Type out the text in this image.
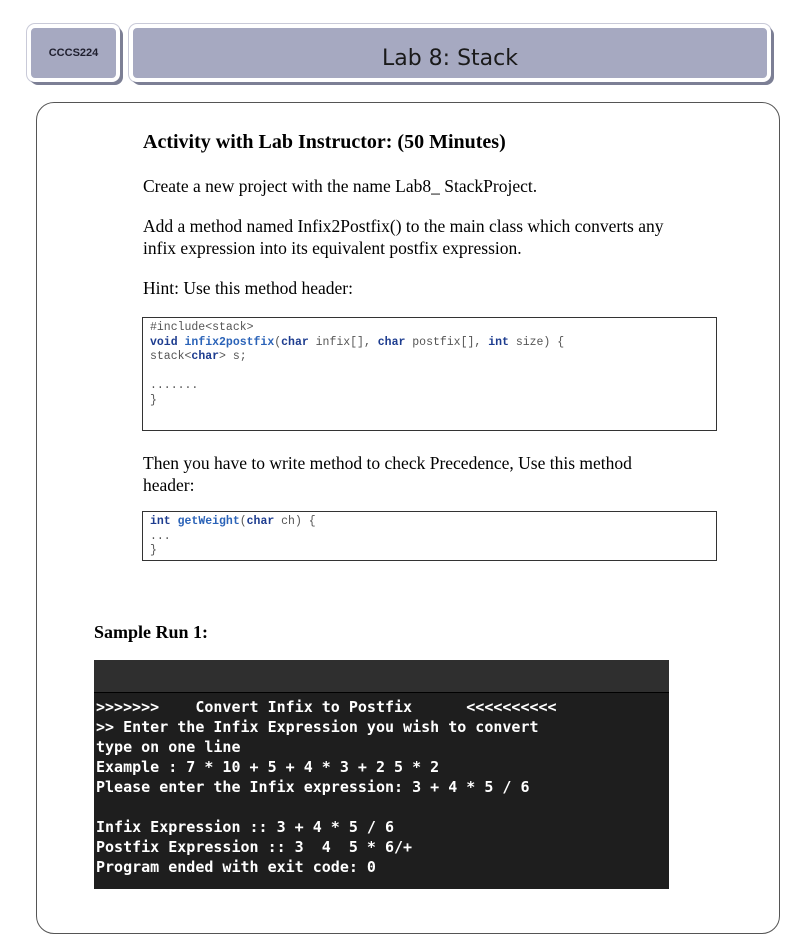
CCCS224	Lab 8: Stack
Activity with Lab Instructor: (50 Minutes)
Create a new project with the name Lab8_ StackProject.
Add a method named Infix2Postfix() to the main class which converts any
infix expression into its equivalent postfix expression.
Hint: Use this method header:
#include<stack>
void infix2postfix(char infix[], char postfix[], int size) {
stack<char> s;
.......
}
Then you have to write method to check Precedence, Use this method
header:
int getWeight(char ch) {
...
}
Sample Run 1:
>>>>>>>    Convert Infix to Postfix      <<<<<<<<<<
>> Enter the Infix Expression you wish to convert
type on one line
Example : 7 * 10 + 5 + 4 * 3 + 2 5 * 2
Please enter the Infix expression: 3 + 4 * 5 / 6
Infix Expression :: 3 + 4 * 5 / 6
Postfix Expression :: 3  4  5 * 6/+
Program ended with exit code: 0
